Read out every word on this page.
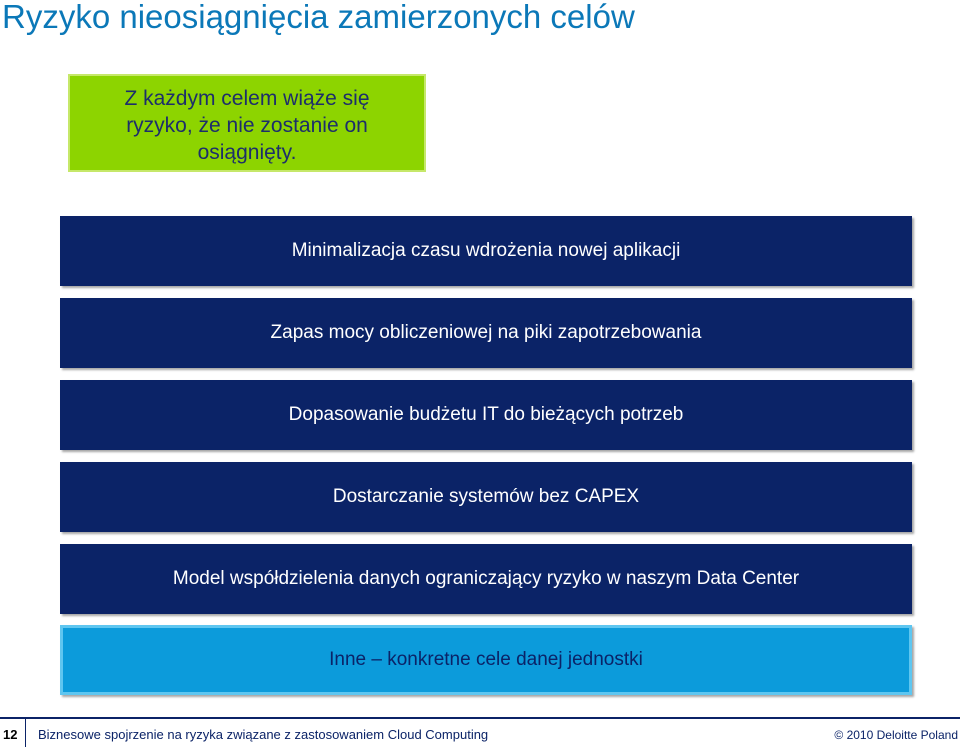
Ryzyko nieosiągnięcia zamierzonych celów
Z każdym celem wiąże się
ryzyko, że nie zostanie on
osiągnięty.
Minimalizacja czasu wdrożenia nowej aplikacji
Zapas mocy obliczeniowej na piki zapotrzebowania
Dopasowanie budżetu IT do bieżących potrzeb
Dostarczanie systemów bez CAPEX
Model współdzielenia danych ograniczający ryzyko w naszym Data Center
Inne – konkretne cele danej jednostki
12 Biznesowe spojrzenie na ryzyka związane z zastosowaniem Cloud Computing	© 2010 Deloitte Poland
